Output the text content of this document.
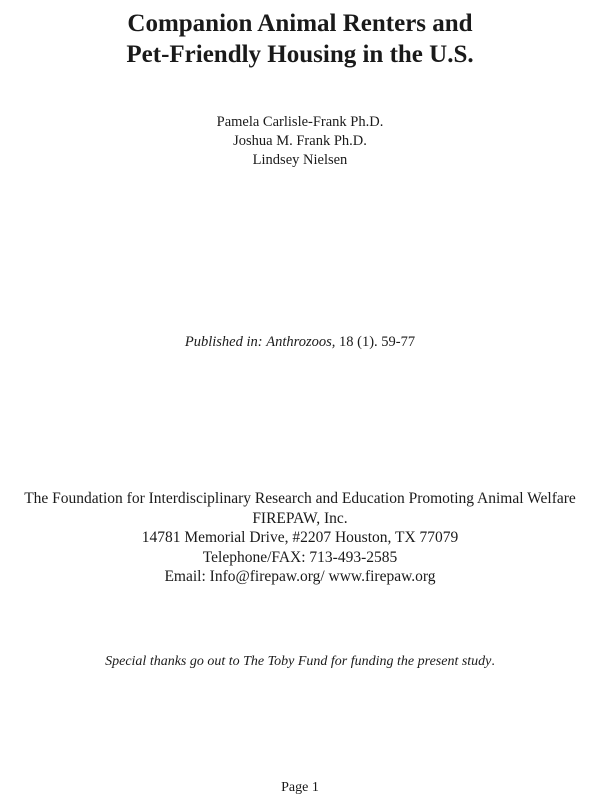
Companion Animal Renters and
Pet-Friendly Housing in the U.S.
Pamela Carlisle-Frank Ph.D.
Joshua M. Frank Ph.D.
Lindsey Nielsen
Published in: Anthrozoos, 18 (1). 59-77
The Foundation for Interdisciplinary Research and Education Promoting Animal Welfare
FIREPAW, Inc.
14781 Memorial Drive, #2207 Houston, TX 77079
Telephone/FAX: 713-493-2585
Email: Info@firepaw.org/ www.firepaw.org
Special thanks go out to The Toby Fund for funding the present study.
Page 1
